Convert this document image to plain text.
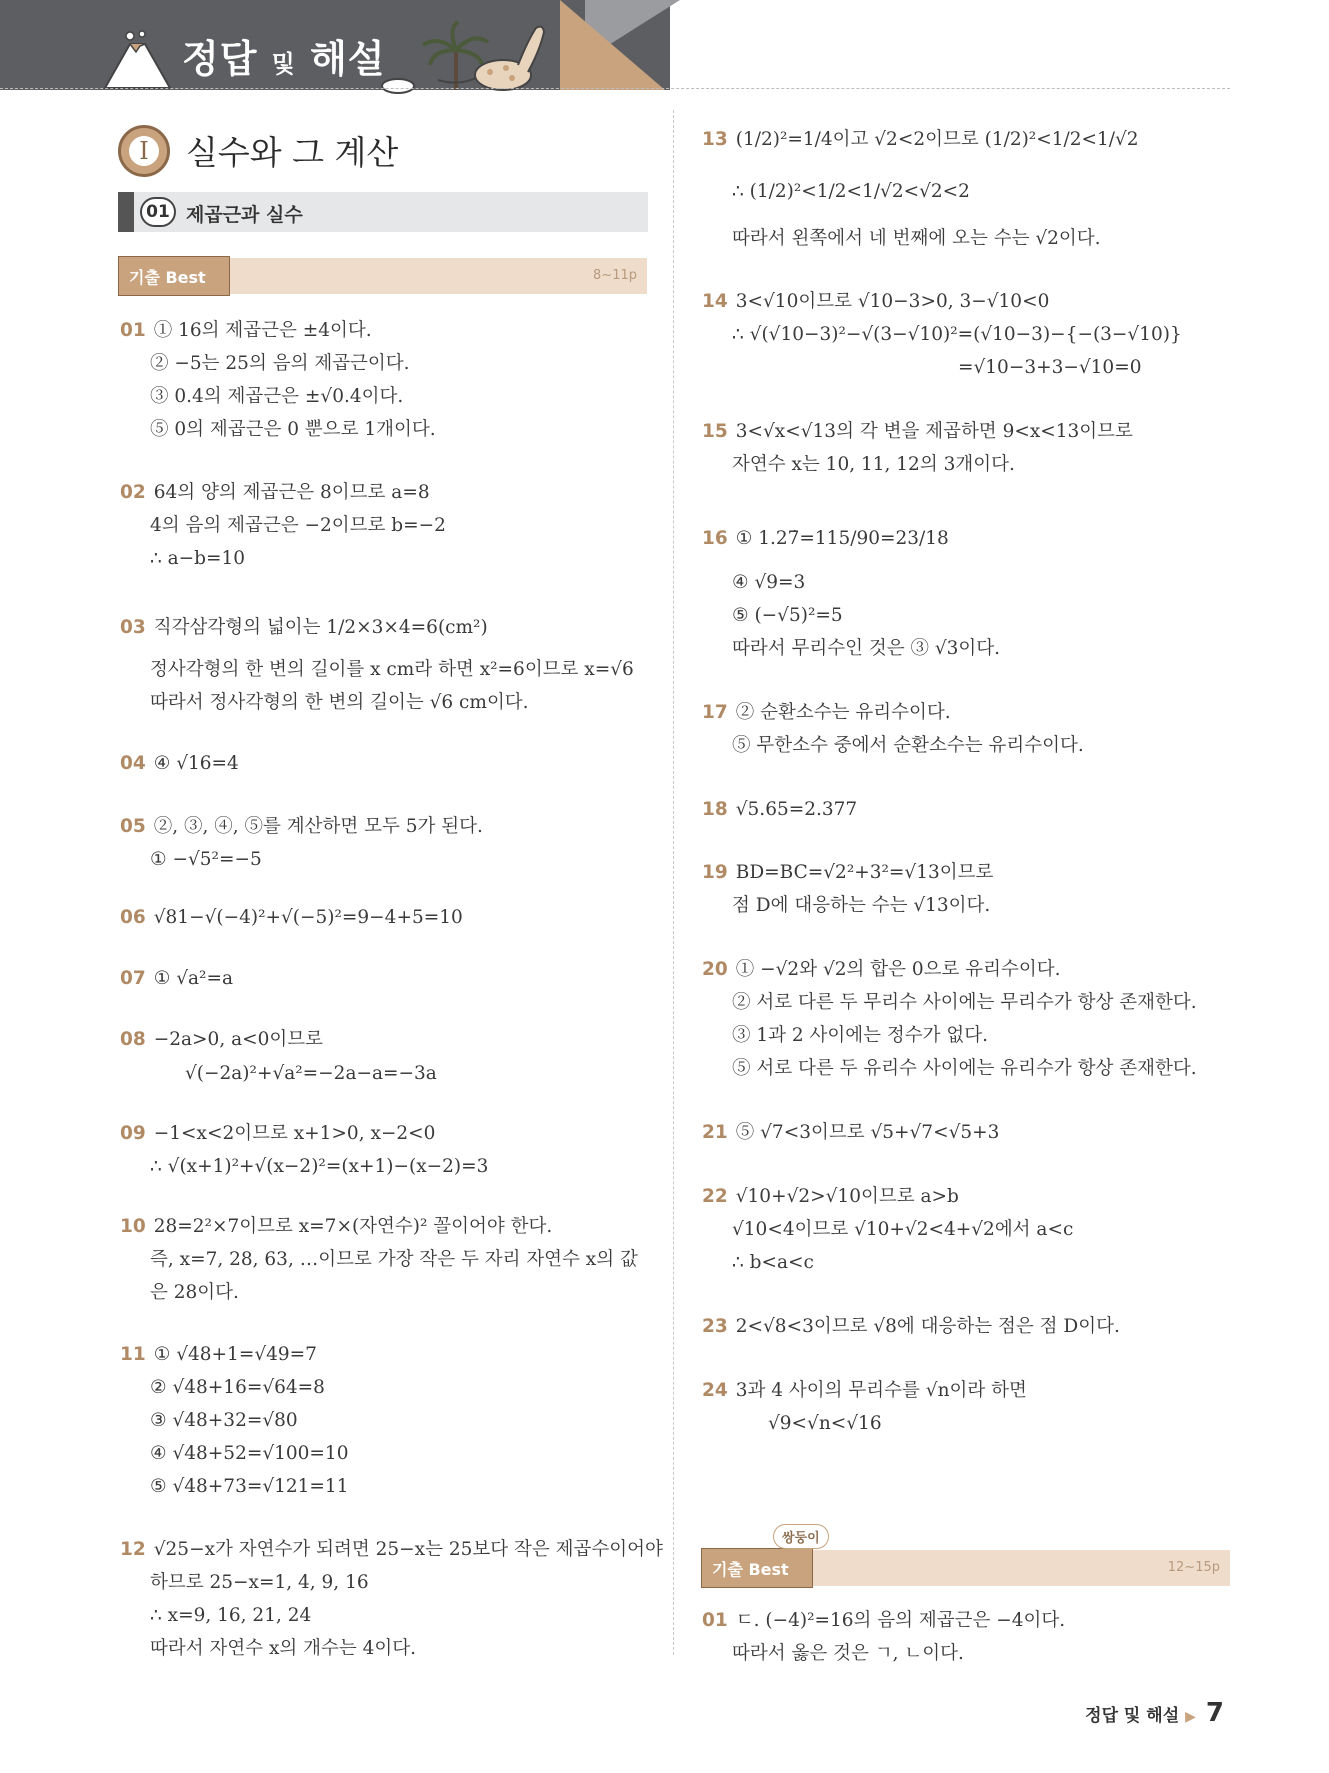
정답 및 해설
I	실수와 그 계산
01 제곱근과 실수
기출 Best	8~11p
기출 Best
쌍둥이
12~15p
01 ① 16의 제곱근은 ±4이다.
② −5는 25의 음의 제곱근이다.
③ 0.4의 제곱근은 ±√0.4이다.
⑤ 0의 제곱근은 0 뿐으로 1개이다.
02 64의 양의 제곱근은 8이므로 a=8
4의 음의 제곱근은 −2이므로 b=−2
∴ a−b=10
03 직각삼각형의 넓이는 1/2×3×4=6(cm²)
정사각형의 한 변의 길이를 x cm라 하면 x²=6이므로 x=√6
따라서 정사각형의 한 변의 길이는 √6 cm이다.
04 ④ √16=4
05 ②, ③, ④, ⑤를 계산하면 모두 5가 된다.
① −√5²=−5
06 √81−√(−4)²+√(−5)²=9−4+5=10
07 ① √a²=a
08 −2a>0, a<0이므로
√(−2a)²+√a²=−2a−a=−3a
09 −1<x<2이므로 x+1>0, x−2<0
∴ √(x+1)²+√(x−2)²=(x+1)−(x−2)=3
10 28=2²×7이므로 x=7×(자연수)² 꼴이어야 한다.
즉, x=7, 28, 63, …이므로 가장 작은 두 자리 자연수 x의 값
은 28이다.
11 ① √48+1=√49=7
② √48+16=√64=8
③ √48+32=√80
④ √48+52=√100=10
⑤ √48+73=√121=11
12 √25−x가 자연수가 되려면 25−x는 25보다 작은 제곱수이어야
하므로 25−x=1, 4, 9, 16
∴ x=9, 16, 21, 24
따라서 자연수 x의 개수는 4이다.
13 (1/2)²=1/4이고 √2<2이므로 (1/2)²<1/2<1/√2
∴ (1/2)²<1/2<1/√2<√2<2
따라서 왼쪽에서 네 번째에 오는 수는 √2이다.
14 3<√10이므로 √10−3>0, 3−√10<0
∴ √(√10−3)²−√(3−√10)²=(√10−3)−{−(3−√10)}
=√10−3+3−√10=0
15 3<√x<√13의 각 변을 제곱하면 9<x<13이므로
자연수 x는 10, 11, 12의 3개이다.
16 ① 1.27̇=115/90=23/18
④ √9=3
⑤ (−√5)²=5
따라서 무리수인 것은 ③ √3이다.
17 ② 순환소수는 유리수이다.
⑤ 무한소수 중에서 순환소수는 유리수이다.
18 √5.65=2.377
19 BD=BC=√2²+3²=√13이므로
점 D에 대응하는 수는 √13이다.
20 ① −√2와 √2의 합은 0으로 유리수이다.
② 서로 다른 두 무리수 사이에는 무리수가 항상 존재한다.
③ 1과 2 사이에는 정수가 없다.
⑤ 서로 다른 두 유리수 사이에는 유리수가 항상 존재한다.
21 ⑤ √7<3이므로 √5+√7<√5+3
22 √10+√2>√10이므로 a>b
√10<4이므로 √10+√2<4+√2에서 a<c
∴ b<a<c
23 2<√8<3이므로 √8에 대응하는 점은 점 D이다.
24 3과 4 사이의 무리수를 √n이라 하면
√9<√n<√16
01 ㄷ. (−4)²=16의 음의 제곱근은 −4이다.
따라서 옳은 것은 ㄱ, ㄴ이다.
정답 및 해설 ▶ 7
